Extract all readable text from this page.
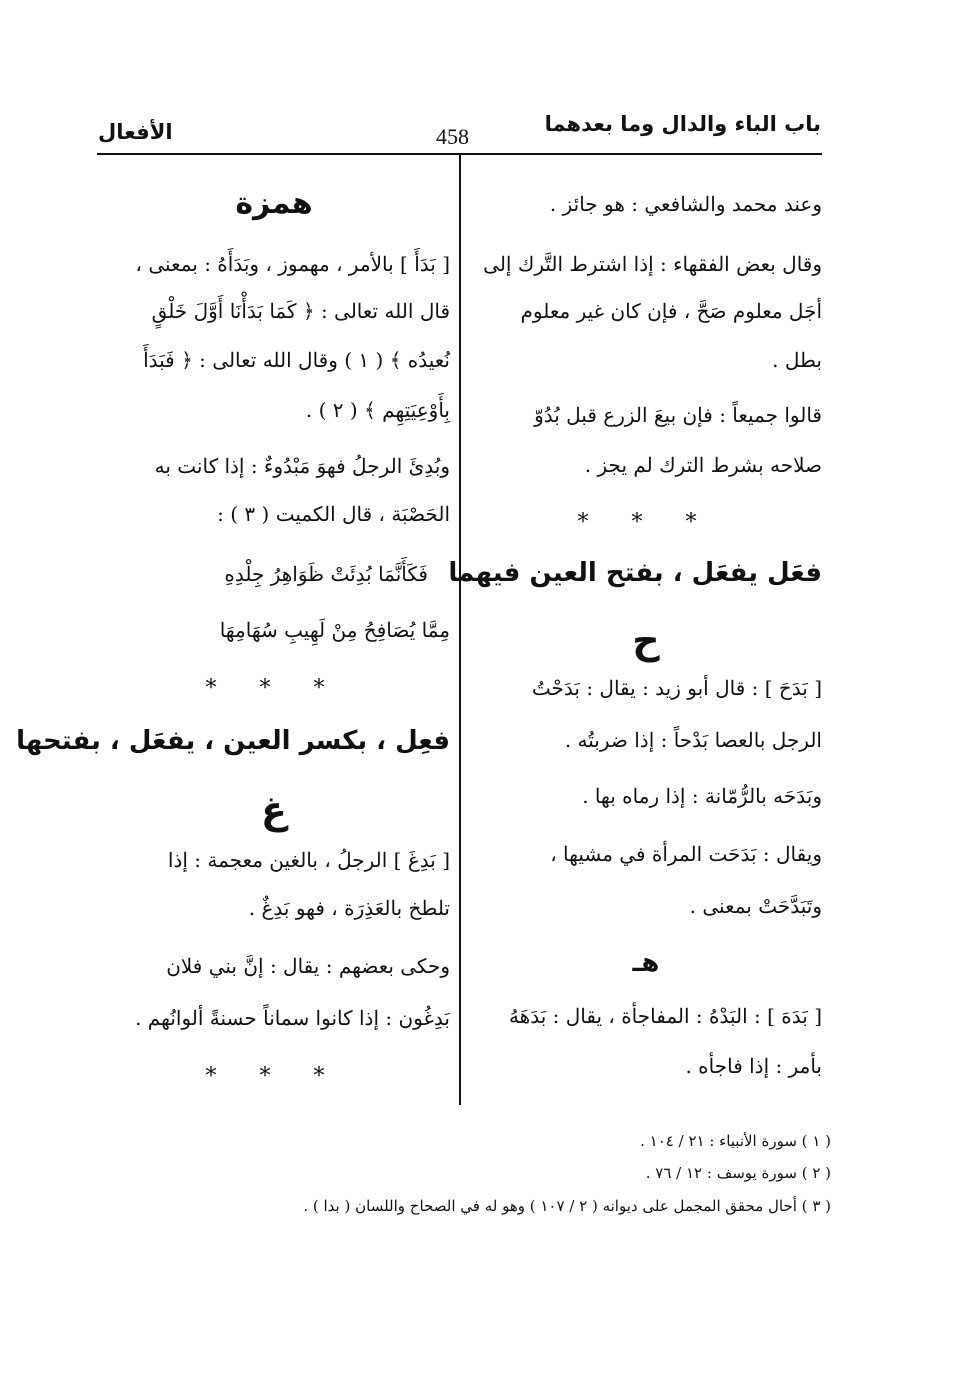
باب الباء والدال وما بعدهما
458
الأفعال
وعند محمد والشافعي : هو جائز .
وقال بعض الفقهاء : إذا اشترط التَّرك إلى
أجَل معلوم صَحَّ ، فإن كان غير معلوم
بطل .
قالوا جميعاً : فإن بيعَ الزرع قبل بُدُوّ
صلاحه بشرط الترك لم يجز .
* * *
فعَل يفعَل ، بفتح العين فيهما
ح
[ بَدَحَ ] : قال أبو زيد : يقال : بَدَحْتُ
الرجل بالعصا بَدْحاً : إذا ضربتُه .
وبَدَحَه بالرُّمّانة : إذا رماه بها .
ويقال : بَدَحَت المرأة في مشيها ،
وتَبَدَّحَتْ بمعنى .
هـ
[ بَدَهَ ] : البَدْهُ : المفاجأة ، يقال : بَدَهَهُ
بأمر : إذا فاجأه .
همزة
[ بَدَأَ ] بالأمر ، مهموز ، وبَدَأَهُ : بمعنى ،
قال الله تعالى : ﴿ كَمَا بَدَأْنَا أَوَّلَ خَلْقٍ
نُعيدُه ﴾ ( ١ ) وقال الله تعالى : ﴿ فَبَدَأَ
بِأَوْعِيَتِهِم ﴾ ( ٢ ) .
وبُدِئَ الرجلُ فهوَ مَبْدُوءٌ : إذا كانت به
الحَصْبَة ، قال الكميت ( ٣ ) :
فَكَأَنَّمَا بُدِئَتْ ظَوَاهِرُ جِلْدِهِ
مِمَّا يُصَافِحُ مِنْ لَهِيبِ سُهَامِهَا
* * *
فعِل ، بكسر العين ، يفعَل ، بفتحها
غ
[ بَدِغَ ] الرجلُ ، بالغين معجمة : إذا
تلطخ بالعَذِرَة ، فهو بَدِغٌ .
وحكى بعضهم : يقال : إنَّ بني فلان
بَدِغُون : إذا كانوا سماناً حسنةً ألوانُهم .
* * *
( ١ ) سورة الأنبياء : ٢١ / ١٠٤ .
( ٢ ) سورة يوسف : ١٢ / ٧٦ .
( ٣ ) أحال محقق المجمل على ديوانه ( ٢ / ١٠٧ ) وهو له في الصحاح واللسان ( بدا ) .
